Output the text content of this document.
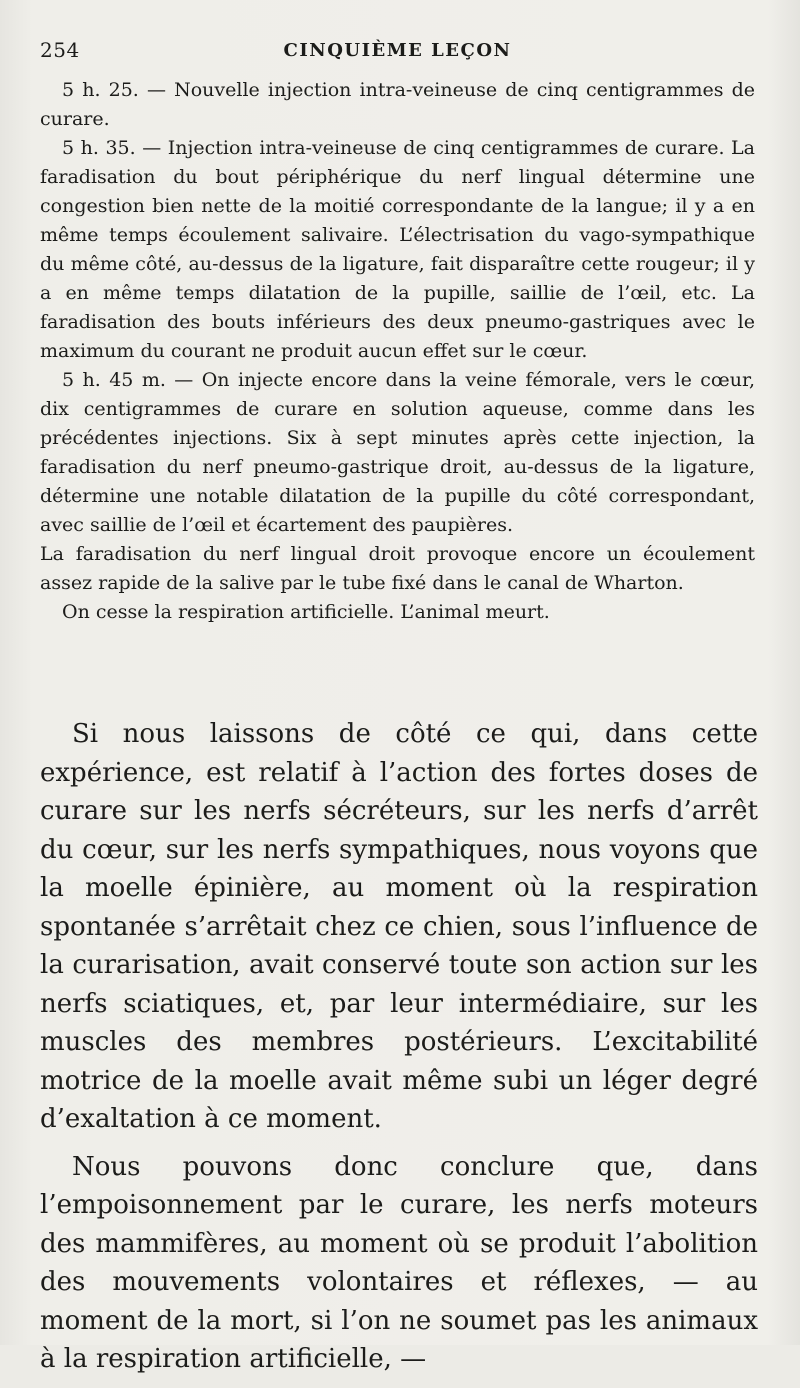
254	CINQUIÈME LEÇON

5 h. 25. — Nouvelle injection intra-veineuse de cinq centigrammes de curare.

5 h. 35. — Injection intra-veineuse de cinq centigrammes de curare. La faradisation du bout périphérique du nerf lingual détermine une congestion bien nette de la moitié correspondante de la langue; il y a en même temps écoulement salivaire. L’électrisation du vago-sympathique du même côté, au-dessus de la ligature, fait disparaître cette rougeur; il y a en même temps dilatation de la pupille, saillie de l’œil, etc. La faradisation des bouts inférieurs des deux pneumo-gastriques avec le maximum du courant ne produit aucun effet sur le cœur.

5 h. 45 m. — On injecte encore dans la veine fémorale, vers le cœur, dix centigrammes de curare en solution aqueuse, comme dans les précédentes injections. Six à sept minutes après cette injection, la faradisation du nerf pneumo-gastrique droit, au-dessus de la ligature, détermine une notable dilatation de la pupille du côté correspondant, avec saillie de l’œil et écartement des paupières.

La faradisation du nerf lingual droit provoque encore un écoulement assez rapide de la salive par le tube fixé dans le canal de Wharton.

On cesse la respiration artificielle. L’animal meurt.

Si nous laissons de côté ce qui, dans cette expérience, est relatif à l’action des fortes doses de curare sur les nerfs sécréteurs, sur les nerfs d’arrêt du cœur, sur les nerfs sympathiques, nous voyons que la moelle épinière, au moment où la respiration spontanée s’arrêtait chez ce chien, sous l’influence de la curarisation, avait conservé toute son action sur les nerfs sciatiques, et, par leur intermédiaire, sur les muscles des membres postérieurs. L’excitabilité motrice de la moelle avait même subi un léger degré d’exaltation à ce moment.

Nous pouvons donc conclure que, dans l’empoisonnement par le curare, les nerfs moteurs des mammifères, au moment où se produit l’abolition des mouvements volontaires et réflexes, — au moment de la mort, si l’on ne soumet pas les animaux à la respiration artificielle, —
